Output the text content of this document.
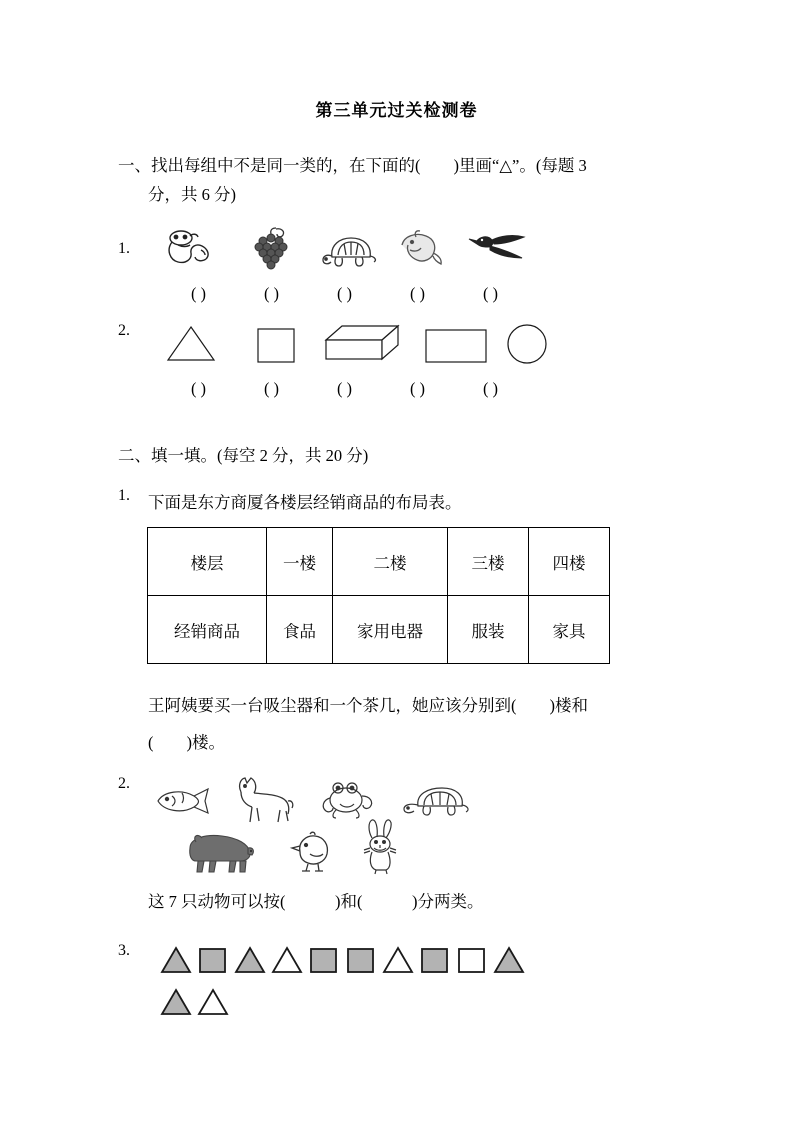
第三单元过关检测卷
一、找出每组中不是同一类的，在下面的(        )里画“△”。(每题 3
分，共 6 分)
1.
( )	( )	( )	( )	( )
2.
( )	( )	( )	( )	( )
二、填一填。(每空 2 分，共 20 分)
1. 下面是东方商厦各楼层经销商品的布局表。
楼层	一楼	二楼	三楼	四楼
经销商品	食品	家用电器	服装	家具
王阿姨要买一台吸尘器和一个茶几，她应该分别到(        )楼和
(        )楼。
2.
这 7 只动物可以按(            )和(            )分两类。
3.
